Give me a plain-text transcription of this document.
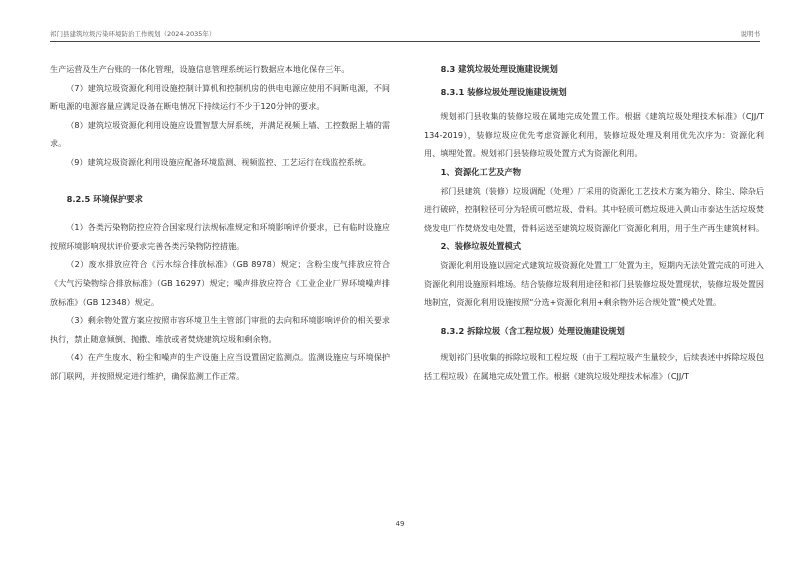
祁门县建筑垃圾污染环境防治工作规划（2024-2035年）	说明书

生产运营及生产台账的一体化管理，设施信息管理系统运行数据应本地化保存三年。

（7）建筑垃圾资源化利用设施控制计算机和控制机房的供电电源应使用不间断电源，不间断电源的电源容量应满足设备在断电情况下持续运行不少于120分钟的要求。

（8）建筑垃圾资源化利用设施应设置智慧大屏系统，并满足视频上墙、工控数据上墙的需求。

（9）建筑垃圾资源化利用设施应配备环境监测、视频监控、工艺运行在线监控系统。

8.2.5 环境保护要求

（1）各类污染物防控应符合国家现行法规标准规定和环境影响评价要求，已有临时设施应按照环境影响现状评价要求完善各类污染物防控措施。

（2）废水排放应符合《污水综合排放标准》（GB 8978）规定；含粉尘废气排放应符合《大气污染物综合排放标准》（GB 16297）规定；噪声排放应符合《工业企业厂界环境噪声排放标准》（GB 12348）规定。

（3）剩余物处置方案应按照市容环境卫生主管部门审批的去向和环境影响评价的相关要求执行，禁止随意倾倒、抛撒、堆放或者焚烧建筑垃圾和剩余物。

（4）在产生废水、粉尘和噪声的生产设施上应当设置固定监测点。监测设施应与环境保护部门联网，并按照规定进行维护，确保监测工作正常。

8.3 建筑垃圾处理设施建设规划

8.3.1 装修垃圾处理设施建设规划

规划祁门县收集的装修垃圾在属地完成处置工作。根据《建筑垃圾处理技术标准》（CJJ/T 134-2019），装修垃圾应优先考虑资源化利用，装修垃圾处理及利用优先次序为：资源化利用、填埋处置。规划祁门县装修垃圾处置方式为资源化利用。

1、资源化工艺及产物

祁门县建筑（装修）垃圾调配（处理）厂采用的资源化工艺技术方案为箱分、除尘、除杂后进行破碎，控制粒径可分为轻质可燃垃圾、骨料。其中轻质可燃垃圾进入黄山市泰达生活垃圾焚烧发电厂作焚烧发电处置，骨料运送至建筑垃圾资源化厂资源化利用，用于生产再生建筑材料。

2、装修垃圾处置模式

资源化利用设施以固定式建筑垃圾资源化处置工厂处置为主，短期内无法处置完成的可进入资源化利用设施原料堆场。结合装修垃圾利用途径和祁门县装修垃圾处置现状，装修垃圾处置因地制宜，资源化利用设施按照“分选+资源化利用+剩余物外运合规处置”模式处置。

8.3.2 拆除垃圾（含工程垃圾）处理设施建设规划

规划祁门县收集的拆除垃圾和工程垃圾（由于工程垃圾产生量较少，后续表述中拆除垃圾包括工程垃圾）在属地完成处置工作。根据《建筑垃圾处理技术标准》（CJJ/T

49
